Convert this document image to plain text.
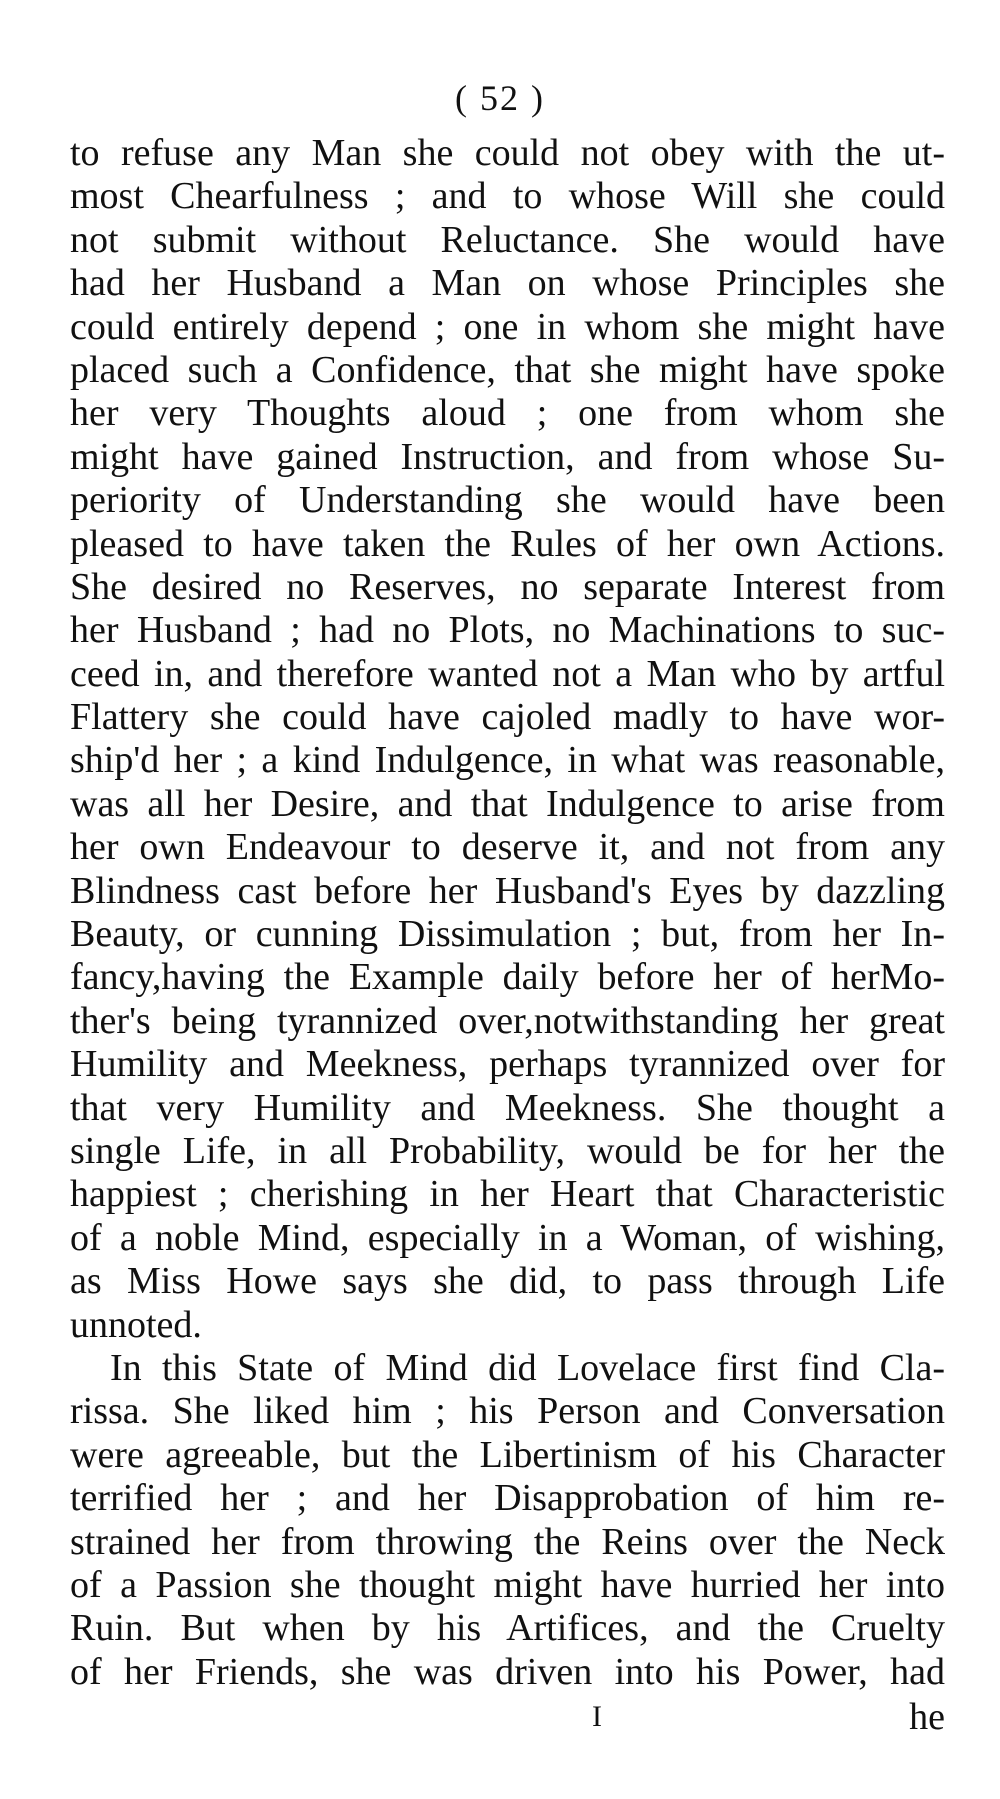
( 52 )
to refuse any Man she could not obey with the ut-
most Chearfulness ; and to whose Will she could
not submit without Reluctance. She would have
had her Husband a Man on whose Principles she
could entirely depend ; one in whom she might have
placed such a Confidence, that she might have spoke
her very Thoughts aloud ; one from whom she
might have gained Instruction, and from whose Su-
periority of Understanding she would have been
pleased to have taken the Rules of her own Actions.
She desired no Reserves, no separate Interest from
her Husband ; had no Plots, no Machinations to suc-
ceed in, and therefore wanted not a Man who by artful
Flattery she could have cajoled madly to have wor-
ship'd her ; a kind Indulgence, in what was reasonable,
was all her Desire, and that Indulgence to arise from
her own Endeavour to deserve it, and not from any
Blindness cast before her Husband's Eyes by dazzling
Beauty, or cunning Dissimulation ; but, from her In-
fancy,having the Example daily before her of herMo-
ther's being tyrannized over,notwithstanding her great
Humility and Meekness, perhaps tyrannized over for
that very Humility and Meekness. She thought a
single Life, in all Probability, would be for her the
happiest ; cherishing in her Heart that Characteristic
of a noble Mind, especially in a Woman, of wishing,
as Miss Howe says she did, to pass through Life
unnoted.
In this State of Mind did Lovelace first find Cla-
rissa. She liked him ; his Person and Conversation
were agreeable, but the Libertinism of his Character
terrified her ; and her Disapprobation of him re-
strained her from throwing the Reins over the Neck
of a Passion she thought might have hurried her into
Ruin. But when by his Artifices, and the Cruelty
of her Friends, she was driven into his Power, had
I	he
